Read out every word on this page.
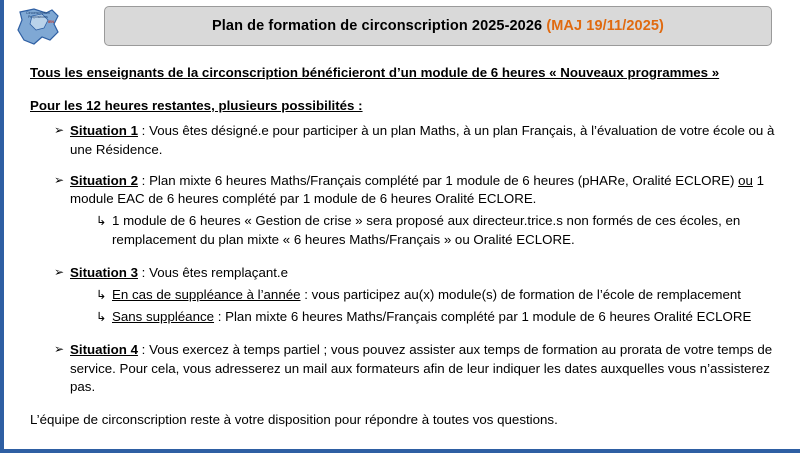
Circonscription
Propositions
IEN	Plan de formation de circonscription 2025-2026 (MAJ 19/11/2025)

Tous les enseignants de la circonscription bénéficieront d’un module de 6 heures « Nouveaux programmes »

Pour les 12 heures restantes, plusieurs possibilités :

➢ Situation 1 : Vous êtes désigné.e pour participer à un plan Maths, à un plan Français, à l’évaluation de votre école ou à une Résidence.
➢ Situation 2 : Plan mixte 6 heures Maths/Français complété par 1 module de 6 heures (pHARe, Oralité ECLORE) ou 1 module EAC de 6 heures complété par 1 module de 6 heures Oralité ECLORE.
↳ 1 module de 6 heures « Gestion de crise » sera proposé aux directeur.trice.s non formés de ces écoles, en remplacement du plan mixte « 6 heures Maths/Français » ou Oralité ECLORE.
➢ Situation 3 : Vous êtes remplaçant.e
↳ En cas de suppléance à l’année : vous participez au(x) module(s) de formation de l’école de remplacement
↳ Sans suppléance : Plan mixte 6 heures Maths/Français complété par 1 module de 6 heures Oralité ECLORE
➢ Situation 4 : Vous exercez à temps partiel ; vous pouvez assister aux temps de formation au prorata de votre temps de service. Pour cela, vous adresserez un mail aux formateurs afin de leur indiquer les dates auxquelles vous n’assisterez pas.

L’équipe de circonscription reste à votre disposition pour répondre à toutes vos questions.
